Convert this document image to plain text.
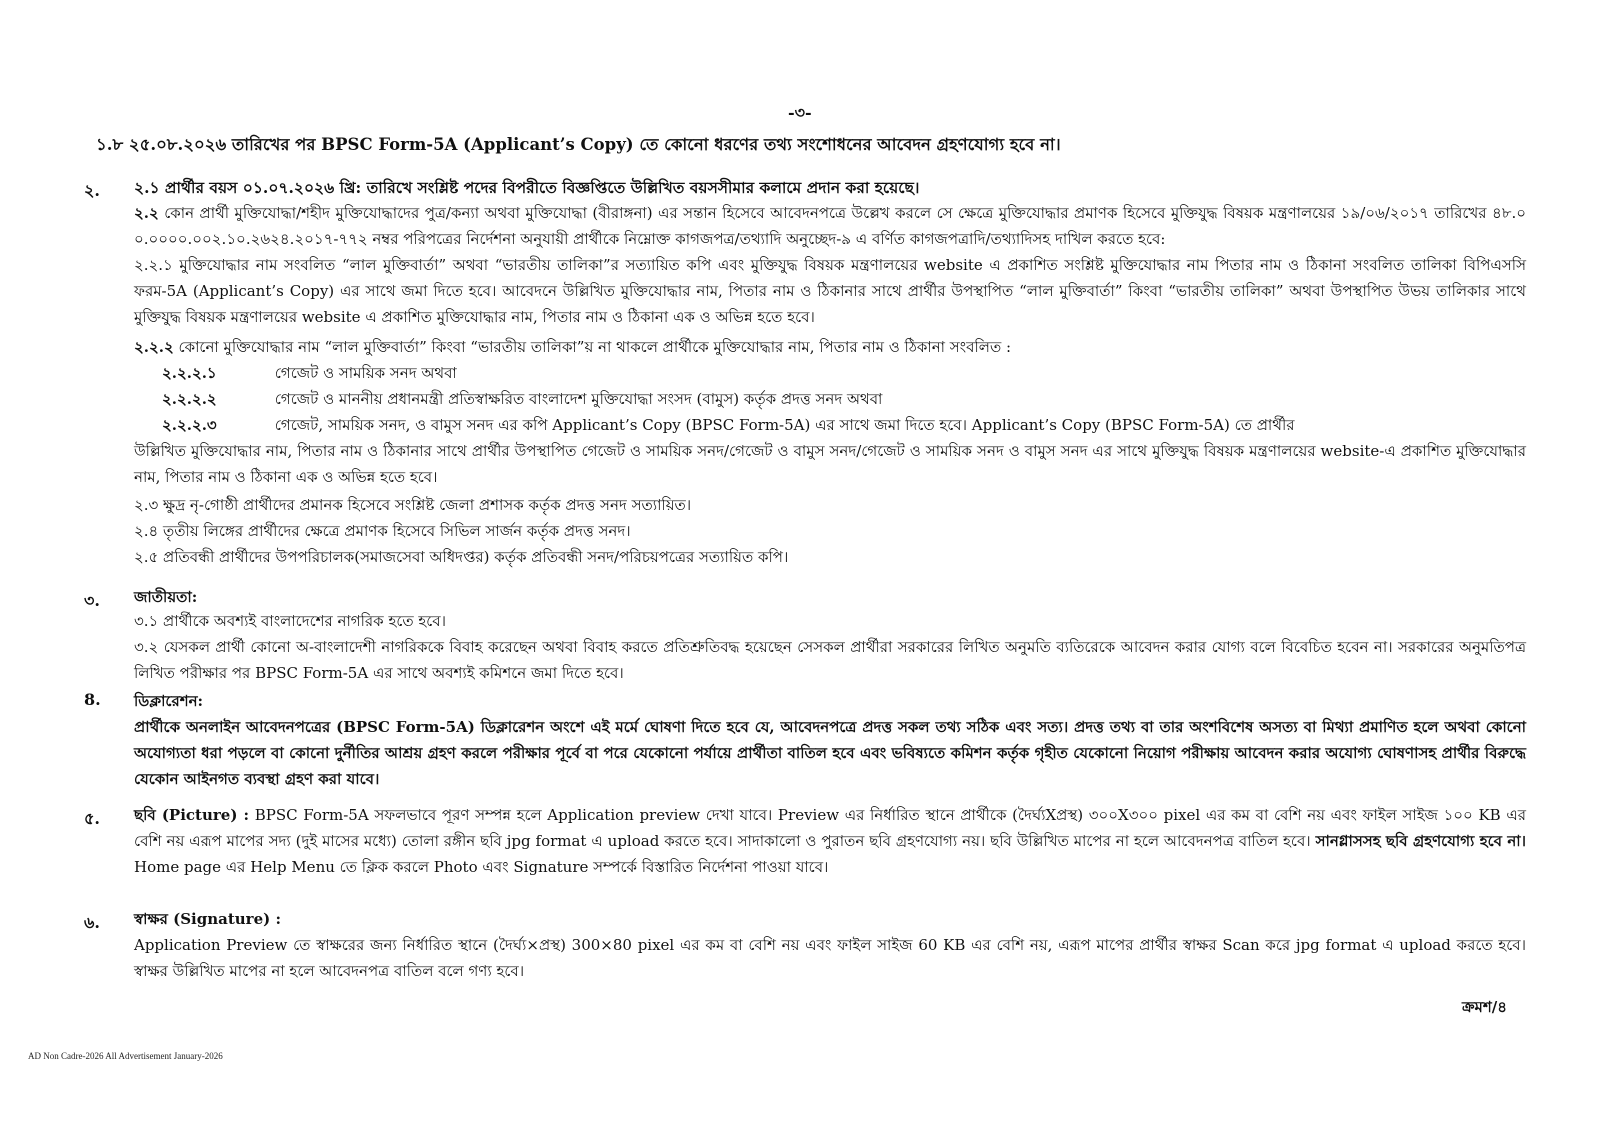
-৩-
১.৮ ২৫.০৮.২০২৬ তারিখের পর BPSC Form-5A (Applicant’s Copy) তে কোনো ধরণের তথ্য সংশোধনের আবেদন গ্রহণযোগ্য হবে না।
২. ২.১ প্রার্থীর বয়স ০১.০৭.২০২৬ খ্রি: তারিখে সংশ্লিষ্ট পদের বিপরীতে বিজ্ঞপ্তিতে উল্লিখিত বয়সসীমার কলামে প্রদান করা হয়েছে।
২.২ কোন প্রার্থী মুক্তিযোদ্ধা/শহীদ মুক্তিযোদ্ধাদের পুত্র/কন্যা অথবা মুক্তিযোদ্ধা (বীরাঙ্গনা) এর সন্তান হিসেবে আবেদনপত্রে উল্লেখ করলে সে ক্ষেত্রে মুক্তিযোদ্ধার প্রমাণক হিসেবে মুক্তিযুদ্ধ বিষয়ক মন্ত্রণালয়ের ১৯/০৬/২০১৭ তারিখের ৪৮.০ ০.০০০০.০০২.১০.২৬২৪.২০১৭-৭৭২ নম্বর পরিপত্রের নির্দেশনা অনুযায়ী প্রার্থীকে নিম্নোক্ত কাগজপত্র/তথ্যাদি অনুচ্ছেদ-৯ এ বর্ণিত কাগজপত্রাদি/তথ্যাদিসহ দাখিল করতে হবে:
২.২.১ মুক্তিযোদ্ধার নাম সংবলিত “লাল মুক্তিবার্তা” অথবা “ভারতীয় তালিকা”র সত্যায়িত কপি এবং মুক্তিযুদ্ধ বিষয়ক মন্ত্রণালয়ের website এ প্রকাশিত সংশ্লিষ্ট মুক্তিযোদ্ধার নাম পিতার নাম ও ঠিকানা সংবলিত তালিকা বিপিএসসি ফরম-5A (Applicant’s Copy) এর সাথে জমা দিতে হবে। আবেদনে উল্লিখিত মুক্তিযোদ্ধার নাম, পিতার নাম ও ঠিকানার সাথে প্রার্থীর উপস্থাপিত “লাল মুক্তিবার্তা” কিংবা “ভারতীয় তালিকা” অথবা উপস্থাপিত উভয় তালিকার সাথে মুক্তিযুদ্ধ বিষয়ক মন্ত্রণালয়ের website এ প্রকাশিত মুক্তিযোদ্ধার নাম, পিতার নাম ও ঠিকানা এক ও অভিন্ন হতে হবে।
২.২.২ কোনো মুক্তিযোদ্ধার নাম “লাল মুক্তিবার্তা” কিংবা “ভারতীয় তালিকা”য় না থাকলে প্রার্থীকে মুক্তিযোদ্ধার নাম, পিতার নাম ও ঠিকানা সংবলিত :
২.২.২.১	গেজেট ও সাময়িক সনদ অথবা
২.২.২.২	গেজেট ও মাননীয় প্রধানমন্ত্রী প্রতিস্বাক্ষরিত বাংলাদেশ মুক্তিযোদ্ধা সংসদ (বামুস) কর্তৃক প্রদত্ত সনদ অথবা
২.২.২.৩	গেজেট, সাময়িক সনদ, ও বামুস সনদ এর কপি Applicant’s Copy (BPSC Form-5A) এর সাথে জমা দিতে হবে। Applicant’s Copy (BPSC Form-5A) তে প্রার্থীর
উল্লিখিত মুক্তিযোদ্ধার নাম, পিতার নাম ও ঠিকানার সাথে প্রার্থীর উপস্থাপিত গেজেট ও সাময়িক সনদ/গেজেট ও বামুস সনদ/গেজেট ও সাময়িক সনদ ও বামুস সনদ এর সাথে মুক্তিযুদ্ধ বিষয়ক মন্ত্রণালয়ের website-এ প্রকাশিত মুক্তিযোদ্ধার নাম, পিতার নাম ও ঠিকানা এক ও অভিন্ন হতে হবে।
২.৩ ক্ষুদ্র নৃ-গোষ্ঠী প্রার্থীদের প্রমানক হিসেবে সংশ্লিষ্ট জেলা প্রশাসক কর্তৃক প্রদত্ত সনদ সত্যায়িত।
২.৪ তৃতীয় লিঙ্গের প্রার্থীদের ক্ষেত্রে প্রমাণক হিসেবে সিভিল সার্জন কর্তৃক প্রদত্ত সনদ।
২.৫ প্রতিবন্ধী প্রার্থীদের উপপরিচালক(সমাজসেবা অধিদপ্তর) কর্তৃক প্রতিবন্ধী সনদ/পরিচয়পত্রের সত্যায়িত কপি।
৩. জাতীয়তা:
৩.১ প্রার্থীকে অবশ্যই বাংলাদেশের নাগরিক হতে হবে।
৩.২ যেসকল প্রার্থী কোনো অ-বাংলাদেশী নাগরিককে বিবাহ করেছেন অথবা বিবাহ করতে প্রতিশ্রুতিবদ্ধ হয়েছেন সেসকল প্রার্থীরা সরকারের লিখিত অনুমতি ব্যতিরেকে আবেদন করার যোগ্য বলে বিবেচিত হবেন না। সরকারের অনুমতিপত্র লিখিত পরীক্ষার পর BPSC Form-5A এর সাথে অবশ্যই কমিশনে জমা দিতে হবে।
8. ডিক্লারেশন:
প্রার্থীকে অনলাইন আবেদনপত্রের (BPSC Form-5A) ডিক্লারেশন অংশে এই মর্মে ঘোষণা দিতে হবে যে, আবেদনপত্রে প্রদত্ত সকল তথ্য সঠিক এবং সত্য। প্রদত্ত তথ্য বা তার অংশবিশেষ অসত্য বা মিথ্যা প্রমাণিত হলে অথবা কোনো অযোগ্যতা ধরা পড়লে বা কোনো দুর্নীতির আশ্রয় গ্রহণ করলে পরীক্ষার পূর্বে বা পরে যেকোনো পর্যায়ে প্রার্থীতা বাতিল হবে এবং ভবিষ্যতে কমিশন কর্তৃক গৃহীত যেকোনো নিয়োগ পরীক্ষায় আবেদন করার অযোগ্য ঘোষণাসহ প্রার্থীর বিরুদ্ধে যেকোন আইনগত ব্যবস্থা গ্রহণ করা যাবে।
৫. ছবি (Picture) : BPSC Form-5A সফলভাবে পূরণ সম্পন্ন হলে Application preview দেখা যাবে। Preview এর নির্ধারিত স্থানে প্রার্থীকে (দৈর্ঘ্যXপ্রস্থ) ৩০০X৩০০ pixel এর কম বা বেশি নয় এবং ফাইল সাইজ ১০০ KB এর বেশি নয় এরূপ মাপের সদ্য (দুই মাসের মধ্যে) তোলা রঙ্গীন ছবি jpg format এ upload করতে হবে। সাদাকালো ও পুরাতন ছবি গ্রহণযোগ্য নয়। ছবি উল্লিখিত মাপের না হলে আবেদনপত্র বাতিল হবে। সানগ্লাসসহ ছবি গ্রহণযোগ্য হবে না। Home page এর Help Menu তে ক্লিক করলে Photo এবং Signature সম্পর্কে বিস্তারিত নির্দেশনা পাওয়া যাবে।
৬. স্বাক্ষর (Signature) :
Application Preview তে স্বাক্ষরের জন্য নির্ধারিত স্থানে (দৈর্ঘ্য×প্রস্থ) 300×80 pixel এর কম বা বেশি নয় এবং ফাইল সাইজ 60 KB এর বেশি নয়, এরূপ মাপের প্রার্থীর স্বাক্ষর Scan করে jpg format এ upload করতে হবে। স্বাক্ষর উল্লিখিত মাপের না হলে আবেদনপত্র বাতিল বলে গণ্য হবে।
ক্রমশ/৪
AD Non Cadre-2026 All Advertisement January-2026
